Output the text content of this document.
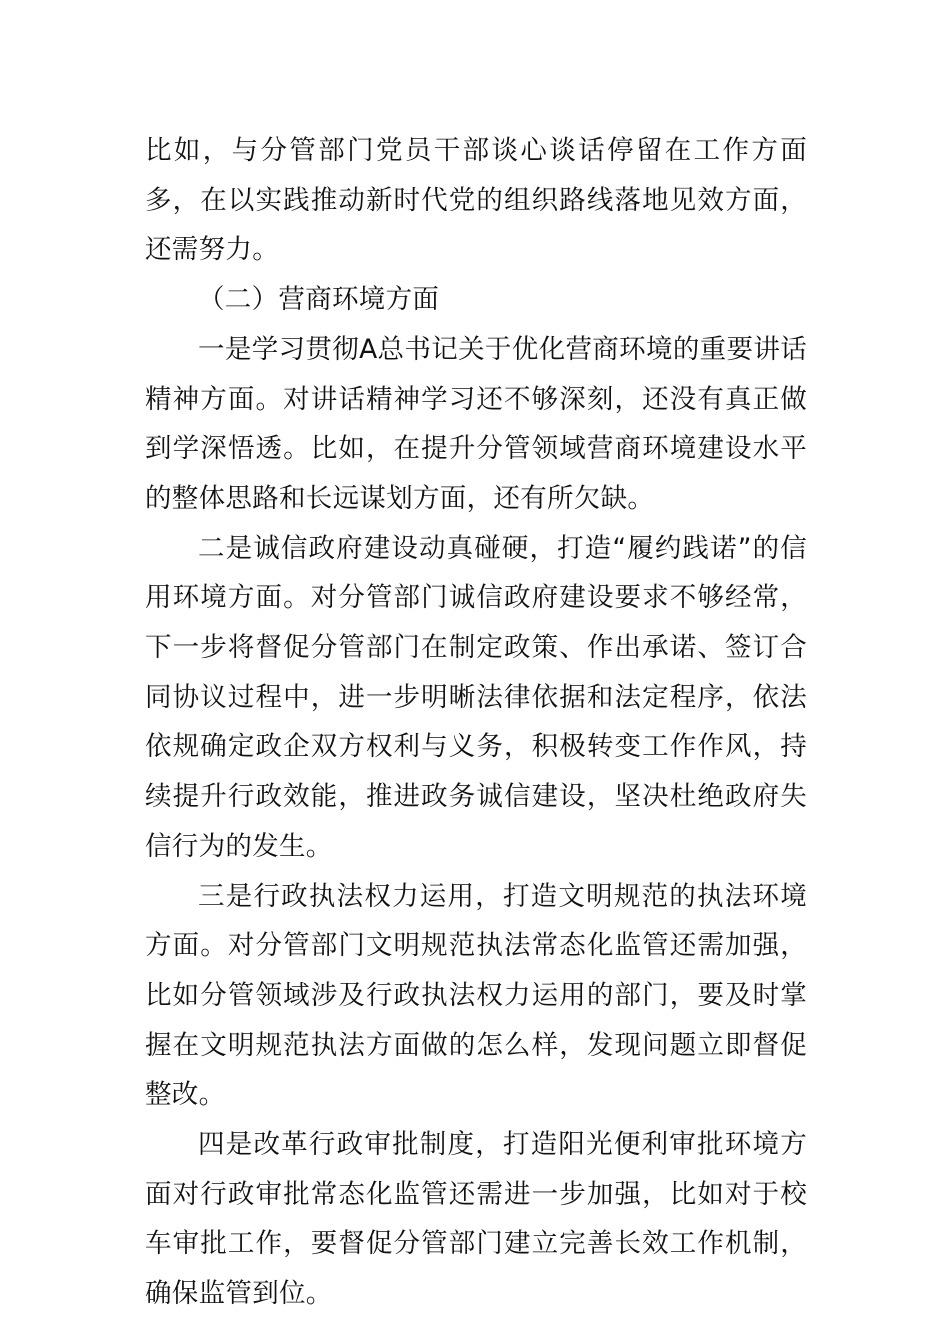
比如，与分管部门党员干部谈心谈话停留在工作方面多，在以实践推动新时代党的组织路线落地见效方面，还需努力。

（二）营商环境方面

一是学习贯彻A总书记关于优化营商环境的重要讲话精神方面。对讲话精神学习还不够深刻，还没有真正做到学深悟透。比如，在提升分管领域营商环境建设水平的整体思路和长远谋划方面，还有所欠缺。

二是诚信政府建设动真碰硬，打造“履约践诺”的信用环境方面。对分管部门诚信政府建设要求不够经常，下一步将督促分管部门在制定政策、作出承诺、签订合同协议过程中，进一步明晰法律依据和法定程序，依法依规确定政企双方权利与义务，积极转变工作作风，持续提升行政效能，推进政务诚信建设，坚决杜绝政府失信行为的发生。

三是行政执法权力运用，打造文明规范的执法环境方面。对分管部门文明规范执法常态化监管还需加强，比如分管领域涉及行政执法权力运用的部门，要及时掌握在文明规范执法方面做的怎么样，发现问题立即督促整改。

四是改革行政审批制度，打造阳光便利审批环境方面对行政审批常态化监管还需进一步加强，比如对于校车审批工作，要督促分管部门建立完善长效工作机制，确保监管到位。
